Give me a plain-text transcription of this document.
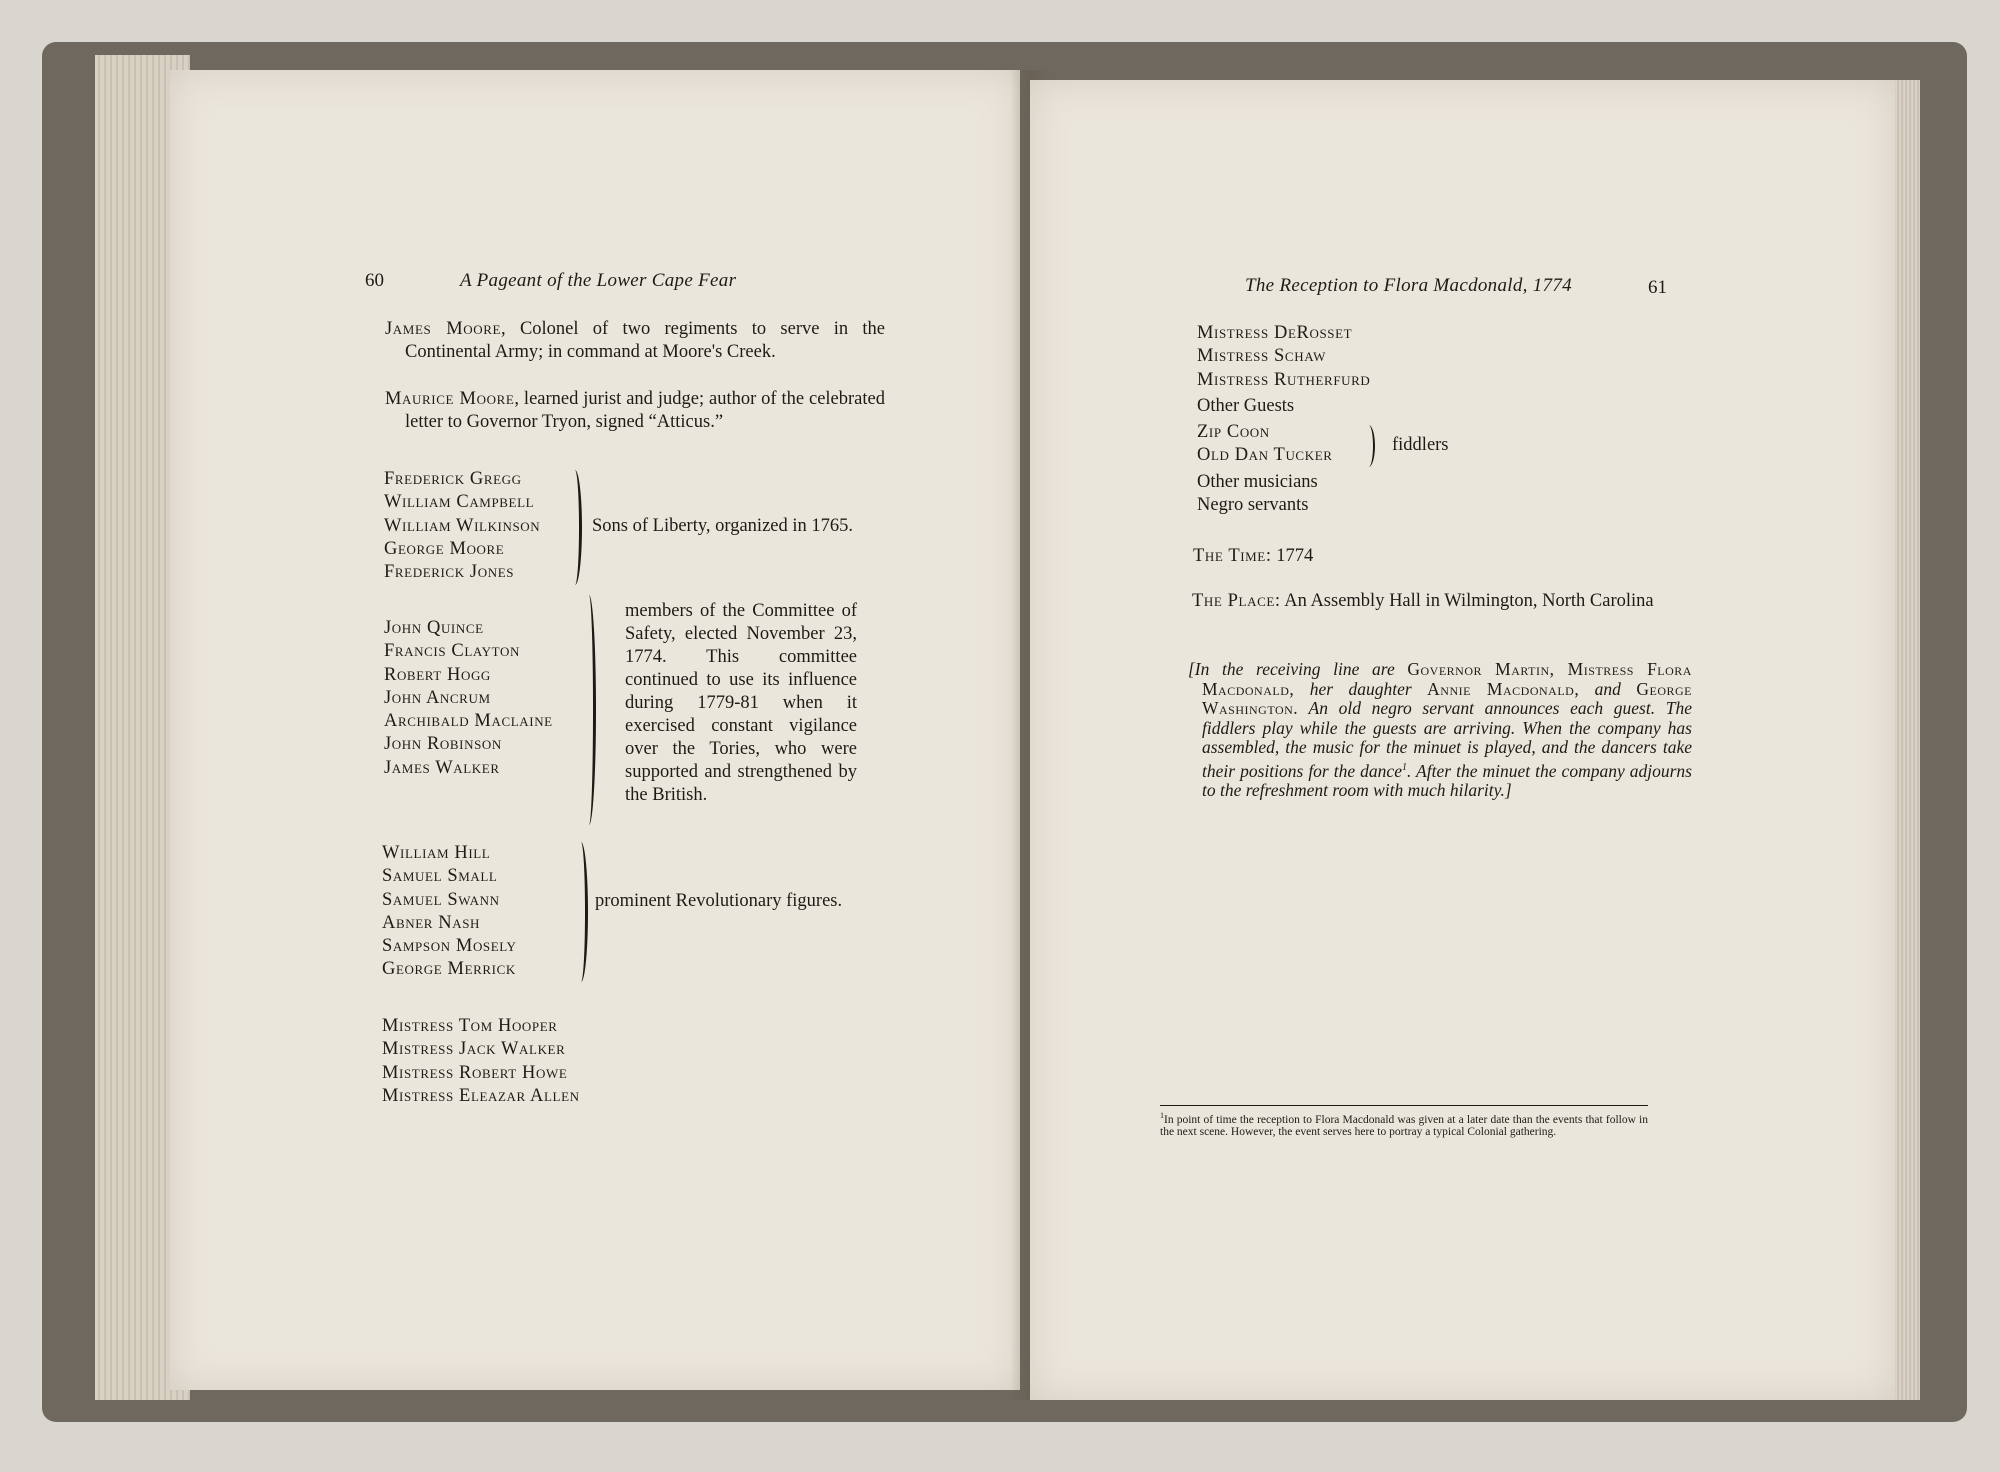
60	A Pageant of the Lower Cape Fear
James Moore, Colonel of two regiments to serve in the Continental Army; in command at Moore's Creek.
Maurice Moore, learned jurist and judge; author of the celebrated letter to Governor Tryon, signed “Atticus.”
Frederick Gregg
William Campbell
William Wilkinson
George Moore
Frederick Jones
Sons of Liberty, organized in 1765.
John Quince
Francis Clayton
Robert Hogg
John Ancrum
Archibald Maclaine
John Robinson
James Walker
members of the Committee of Safety, elected November 23, 1774. This committee continued to use its influence during 1779-81 when it exercised constant vigilance over the Tories, who were supported and strengthened by the British.
William Hill
Samuel Small
Samuel Swann
Abner Nash
Sampson Mosely
George Merrick
prominent Revolutionary figures.
Mistress Tom Hooper
Mistress Jack Walker
Mistress Robert Howe
Mistress Eleazar Allen
The Reception to Flora Macdonald, 1774	61
Mistress DeRosset
Mistress Schaw
Mistress Rutherfurd
Other Guests
Zip Coon
Old Dan Tucker
Other musicians
Negro servants
fiddlers
The Time: 1774
The Place: An Assembly Hall in Wilmington, North Carolina
[In the receiving line are Governor Martin, Mistress Flora Macdonald, her daughter Annie Macdonald, and George Washington. An old negro servant announces each guest. The fiddlers play while the guests are arriving. When the company has assembled, the music for the minuet is played, and the dancers take their positions for the dance$^1$. After the minuet the company adjourns to the refreshment room with much hilarity.]
$^1$In point of time the reception to Flora Macdonald was given at a later date than the events that follow in the next scene. However, the event serves here to portray a typical Colonial gathering.
